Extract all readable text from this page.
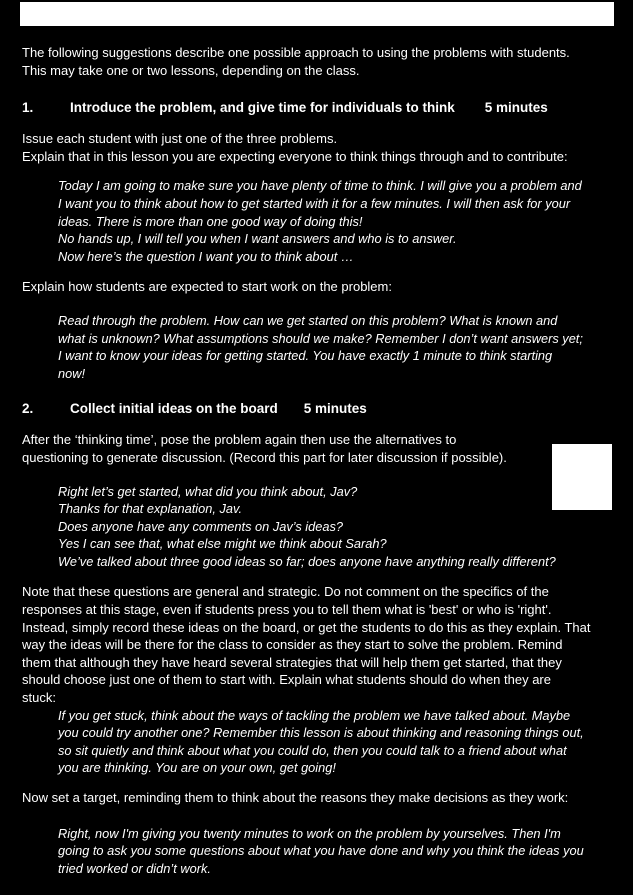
The following suggestions describe one possible approach to using the problems with students.

This may take one or two lessons, depending on the class.

1.	Introduce the problem, and give time for individuals to think 5 minutes

Issue each student with just one of the three problems.

Explain that in this lesson you are expecting everyone to think things through and to contribute:

Today I am going to make sure you have plenty of time to think. I will give you a problem and

I want you to think about how to get started with it for a few minutes. I will then ask for your

ideas. There is more than one good way of doing this!

No hands up, I will tell you when I want answers and who is to answer.

Now here’s the question I want you to think about …

Explain how students are expected to start work on the problem:

Read through the problem. How can we get started on this problem? What is known and

what is unknown? What assumptions should we make? Remember I don’t want answers yet;

I want to know your ideas for getting started. You have exactly 1 minute to think starting

now!

2.	Collect initial ideas on the board 5 minutes

After the ‘thinking time’, pose the problem again then use the alternatives to

questioning to generate discussion. (Record this part for later discussion if possible).

Right let’s get started, what did you think about, Jav?

Thanks for that explanation, Jav.

Does anyone have any comments on Jav’s ideas?

Yes I can see that, what else might we think about Sarah?

We’ve talked about three good ideas so far; does anyone have anything really different?

Note that these questions are general and strategic. Do not comment on the specifics of the

responses at this stage, even if students press you to tell them what is 'best' or who is 'right'.

Instead, simply record these ideas on the board, or get the students to do this as they explain. That

way the ideas will be there for the class to consider as they start to solve the problem. Remind

them that although they have heard several strategies that will help them get started, that they

should choose just one of them to start with. Explain what students should do when they are

stuck:

If you get stuck, think about the ways of tackling the problem we have talked about. Maybe

you could try another one? Remember this lesson is about thinking and reasoning things out,

so sit quietly and think about what you could do, then you could talk to a friend about what

you are thinking. You are on your own, get going!

Now set a target, reminding them to think about the reasons they make decisions as they work:

Right, now I'm giving you twenty minutes to work on the problem by yourselves. Then I'm

going to ask you some questions about what you have done and why you think the ideas you

tried worked or didn’t work.
